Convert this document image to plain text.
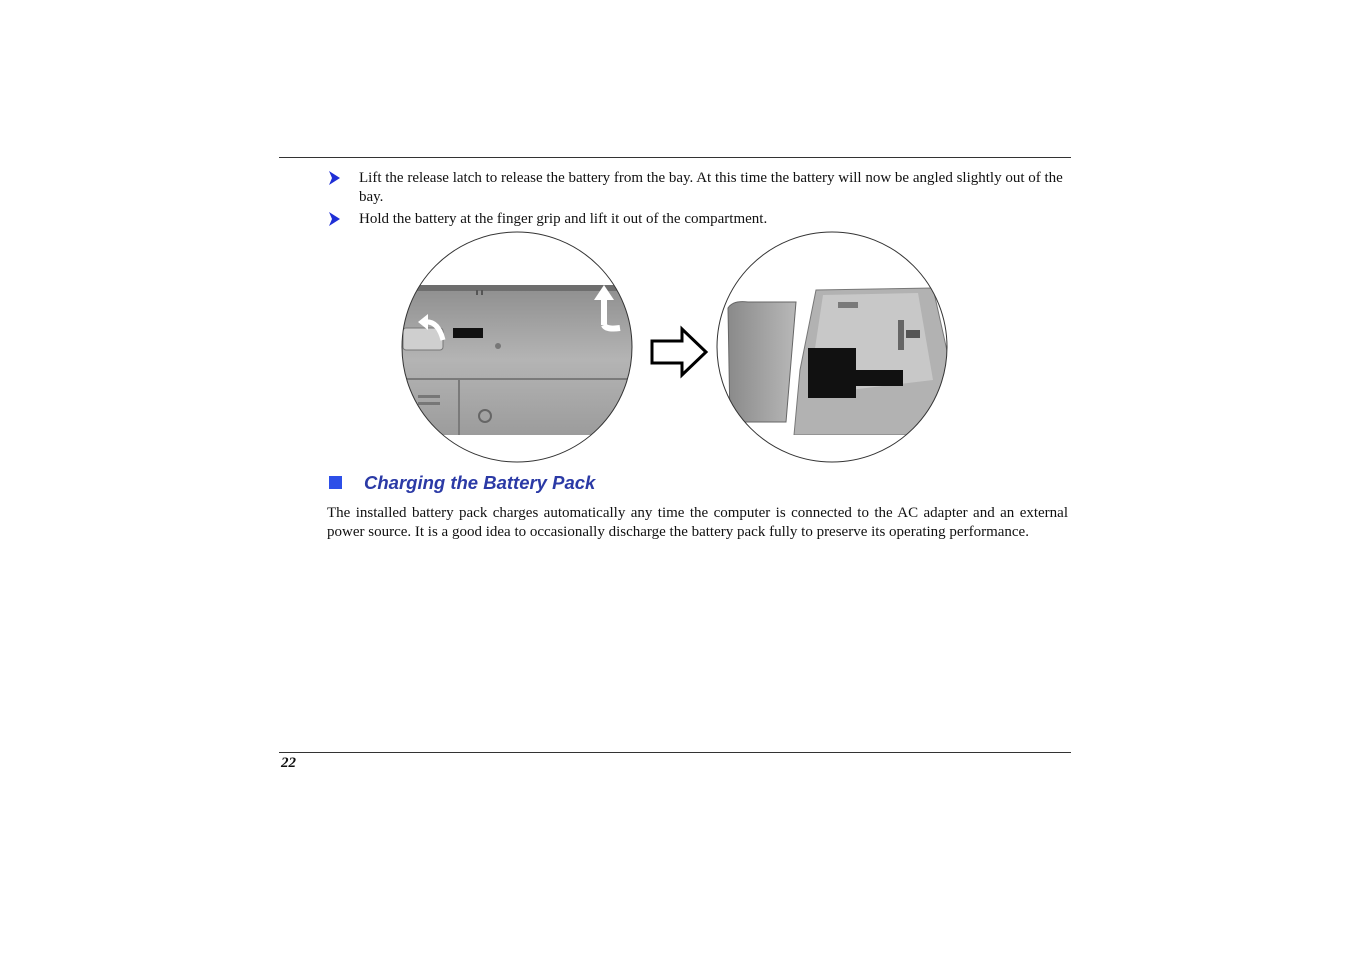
Lift the release latch to release the battery from the bay. At this time the battery will now be angled slightly out of the bay.
Hold the battery at the finger grip and lift it out of the compartment.
Charging the Battery Pack
The installed battery pack charges automatically any time the computer is connected to the AC adapter and an external power source. It is a good idea to occasionally discharge the battery pack fully to preserve its operating performance.
22
